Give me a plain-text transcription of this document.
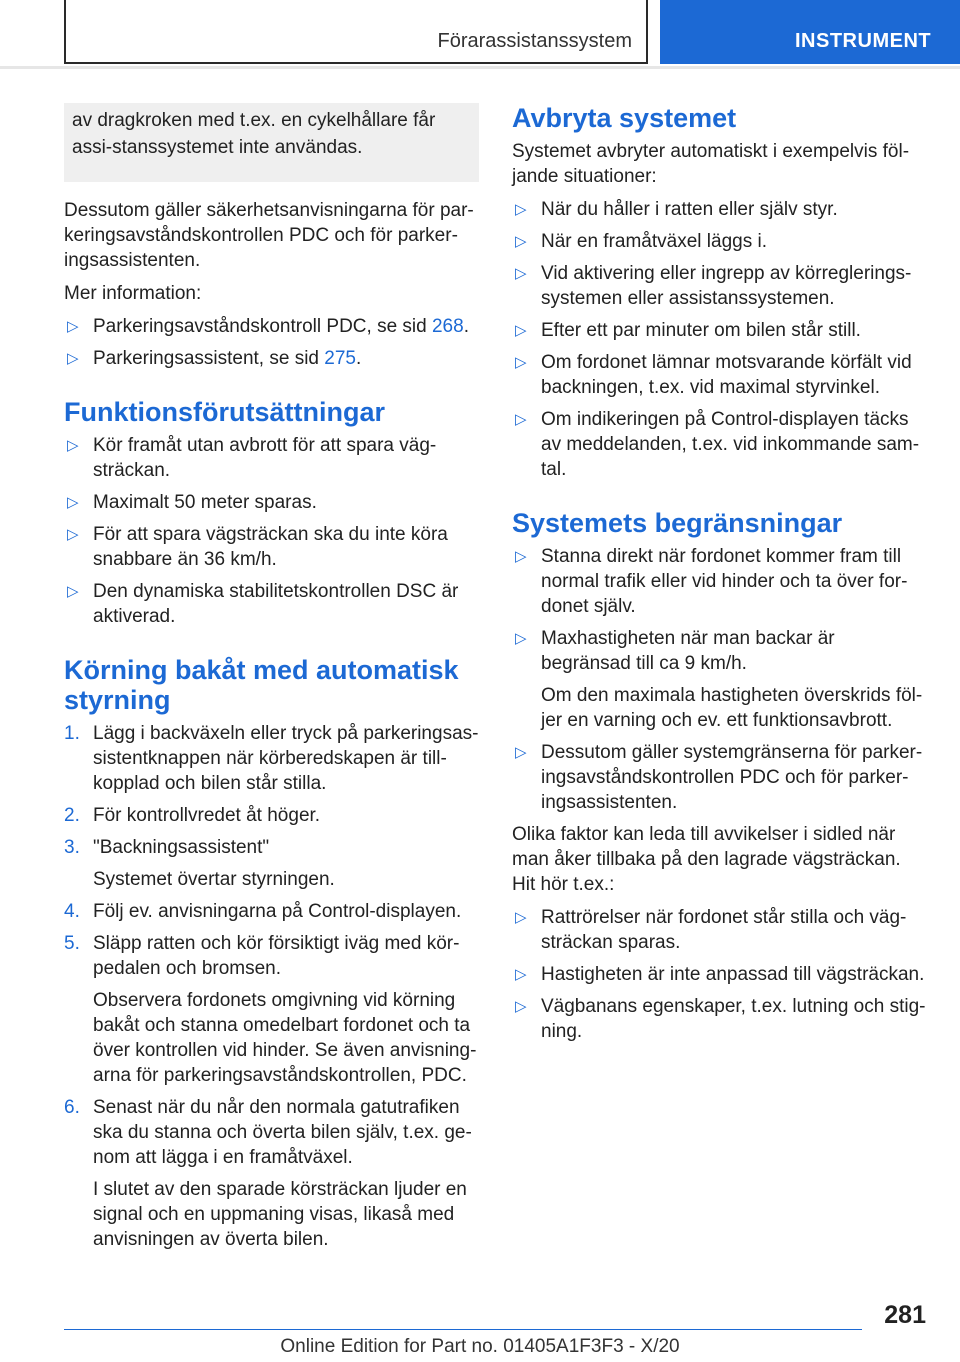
Förarassistanssystem	INSTRUMENT
av dragkroken med t.ex. en cykelhållare får assi-stanssystemet inte användas.

Dessutom gäller säkerhetsanvisningarna för par-keringsavståndskontrollen PDC och för parker-ingsassistenten.

Mer information:

▷ Parkeringsavståndskontroll PDC, se sid 268.
▷ Parkeringsassistent, se sid 275.
Funktionsförutsättningar
▷ Kör framåt utan avbrott för att spara väg-sträckan.
▷ Maximalt 50 meter sparas.
▷ För att spara vägsträckan ska du inte köra snabbare än 36 km/h.
▷ Den dynamiska stabilitetskontrollen DSC är aktiverad.
Körning bakåt med automatisk styrning
1. Lägg i backväxeln eller tryck på parkeringsas-sistentknappen när körberedskapen är till-kopplad och bilen står stilla.
2. För kontrollvredet åt höger.
3. "Backningsassistent"

Systemet övertar styrningen.

4. Följ ev. anvisningarna på Control-displayen.
5. Släpp ratten och kör försiktigt iväg med kör-pedalen och bromsen.

Observera fordonets omgivning vid körning bakåt och stanna omedelbart fordonet och ta över kontrollen vid hinder. Se även anvisning-arna för parkeringsavståndskontrollen, PDC.

6. Senast när du når den normala gatutrafiken ska du stanna och överta bilen själv, t.ex. ge-nom att lägga i en framåtväxel.

I slutet av den sparade körsträckan ljuder en signal och en uppmaning visas, likaså med anvisningen av överta bilen.

Avbryta systemet

Systemet avbryter automatiskt i exempelvis föl-jande situationer:

▷ När du håller i ratten eller själv styr.
▷ När en framåtväxel läggs i.
▷ Vid aktivering eller ingrepp av körreglerings-systemen eller assistanssystemen.
▷ Efter ett par minuter om bilen står still.
▷ Om fordonet lämnar motsvarande körfält vid backningen, t.ex. vid maximal styrvinkel.
▷ Om indikeringen på Control-displayen täcks av meddelanden, t.ex. vid inkommande sam-tal.
Systemets begränsningar
▷ Stanna direkt när fordonet kommer fram till normal trafik eller vid hinder och ta över for-donet själv.
▷ Maxhastigheten när man backar är begränsad till ca 9 km/h.

Om den maximala hastigheten överskrids föl-jer en varning och ev. ett funktionsavbrott.

▷ Dessutom gäller systemgränserna för parker-ingsavståndskontrollen PDC och för parker-ingsassistenten.

Olika faktor kan leda till avvikelser i sidled när man åker tillbaka på den lagrade vägsträckan. Hit hör t.ex.:

▷ Rattrörelser när fordonet står stilla och väg-sträckan sparas.
▷ Hastigheten är inte anpassad till vägsträckan.
▷ Vägbanans egenskaper, t.ex. lutning och stig-ning.
281
Online Edition for Part no. 01405A1F3F3 - X/20
